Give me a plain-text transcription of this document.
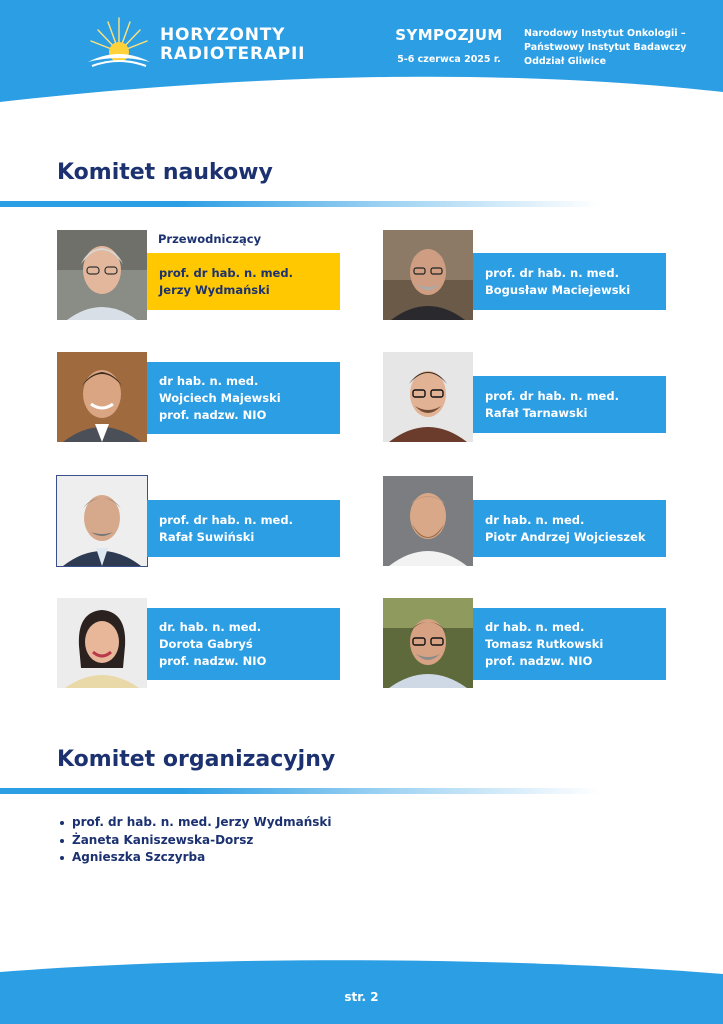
HORYZONTY
RADIOTERAPII
SYMPOZJUM
5-6 czerwca 2025 r.
Narodowy Instytut Onkologii –
Państwowy Instytut Badawczy
Oddział Gliwice
Komitet naukowy
Przewodniczący
prof. dr hab. n. med.
Jerzy Wydmański
prof. dr hab. n. med.
Bogusław Maciejewski
dr hab. n. med.
Wojciech Majewski
prof. nadzw. NIO
prof. dr hab. n. med.
Rafał Tarnawski
prof. dr hab. n. med.
Rafał Suwiński
dr hab. n. med.
Piotr Andrzej Wojcieszek
dr. hab. n. med.
Dorota Gabryś
prof. nadzw. NIO
dr hab. n. med.
Tomasz Rutkowski
prof. nadzw. NIO
Komitet organizacyjny
prof. dr hab. n. med. Jerzy Wydmański
Żaneta Kaniszewska-Dorsz
Agnieszka Szczyrba
str. 2
